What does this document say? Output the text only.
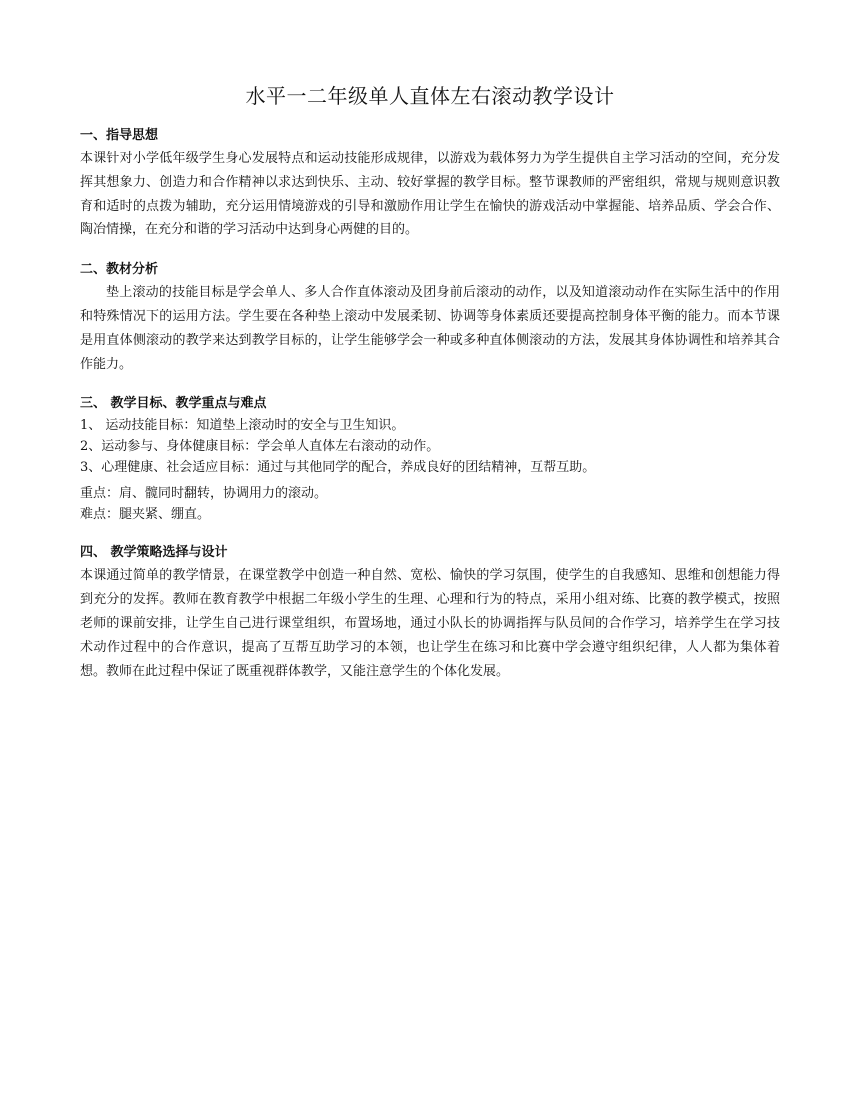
水平一二年级单人直体左右滚动教学设计
一、指导思想

本课针对小学低年级学生身心发展特点和运动技能形成规律，以游戏为载体努力为学生提供自主学习活动的空间，充分发挥其想象力、创造力和合作精神以求达到快乐、主动、较好掌握的教学目标。整节课教师的严密组织，常规与规则意识教育和适时的点拨为辅助，充分运用情境游戏的引导和激励作用让学生在愉快的游戏活动中掌握能、培养品质、学会合作、陶冶情操，在充分和谐的学习活动中达到身心两健的目的。

二、教材分析

垫上滚动的技能目标是学会单人、多人合作直体滚动及团身前后滚动的动作，以及知道滚动动作在实际生活中的作用和特殊情况下的运用方法。学生要在各种垫上滚动中发展柔韧、协调等身体素质还要提高控制身体平衡的能力。而本节课是用直体侧滚动的教学来达到教学目标的，让学生能够学会一种或多种直体侧滚动的方法，发展其身体协调性和培养其合作能力。

三、 教学目标、教学重点与难点

1、 运动技能目标：知道垫上滚动时的安全与卫生知识。

2、运动参与、身体健康目标：学会单人直体左右滚动的动作。

3、心理健康、社会适应目标：通过与其他同学的配合，养成良好的团结精神，互帮互助。

重点：肩、髋同时翻转，协调用力的滚动。

难点：腿夹紧、绷直。

四、 教学策略选择与设计

本课通过简单的教学情景，在课堂教学中创造一种自然、宽松、愉快的学习氛围，使学生的自我感知、思维和创想能力得到充分的发挥。教师在教育教学中根据二年级小学生的生理、心理和行为的特点，采用小组对练、比赛的教学模式，按照老师的课前安排，让学生自己进行课堂组织，布置场地，通过小队长的协调指挥与队员间的合作学习，培养学生在学习技术动作过程中的合作意识，提高了互帮互助学习的本领，也让学生在练习和比赛中学会遵守组织纪律，人人都为集体着想。教师在此过程中保证了既重视群体教学，又能注意学生的个体化发展。
